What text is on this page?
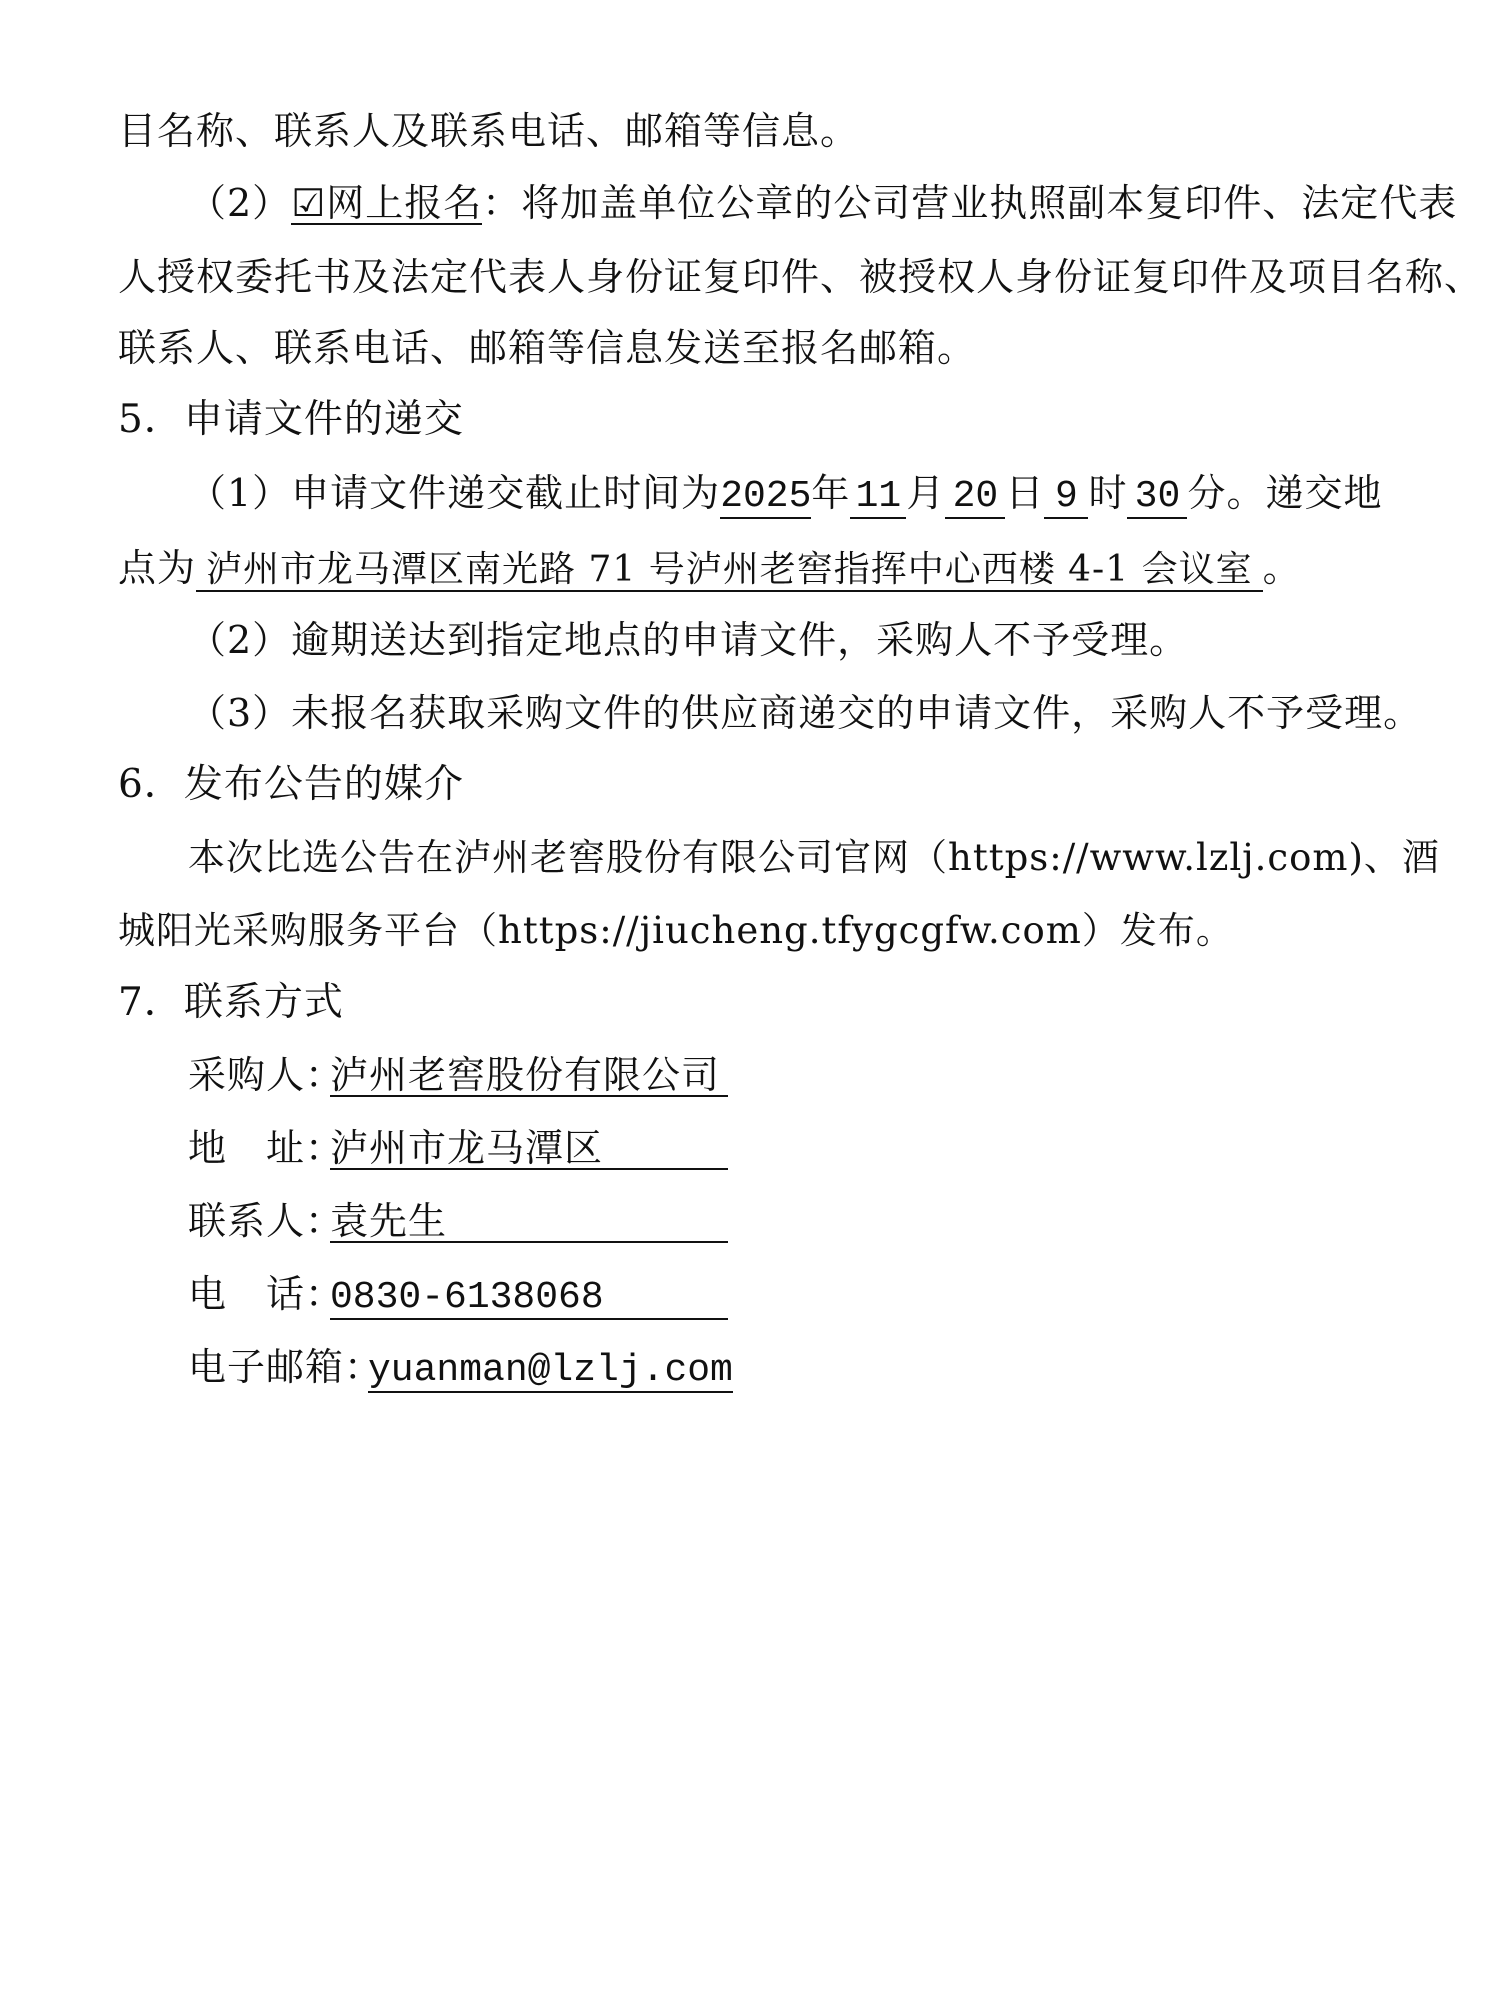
目名称、联系人及联系电话、邮箱等信息。
（2）☑网上报名：将加盖单位公章的公司营业执照副本复印件、法定代表
人授权委托书及法定代表人身份证复印件、被授权人身份证复印件及项目名称、
联系人、联系电话、邮箱等信息发送至报名邮箱。
5．申请文件的递交
（1）申请文件递交截止时间为2025年 11 月 20 日 9 时 30 分。递交地
点为 泸州市龙马潭区南光路 71 号泸州老窖指挥中心西楼 4-1 会议室 。
（2）逾期送达到指定地点的申请文件，采购人不予受理。
（3）未报名获取采购文件的供应商递交的申请文件，采购人不予受理。
6．发布公告的媒介
本次比选公告在泸州老窖股份有限公司官网（https://www.lzlj.com)、酒
城阳光采购服务平台（https://jiucheng.tfygcgfw.com）发布。
7．联系方式
采购人：泸州老窖股份有限公司
地　址：泸州市龙马潭区
联系人：袁先生
电　话：0830-6138068
电子邮箱：yuanman@lzlj.com
